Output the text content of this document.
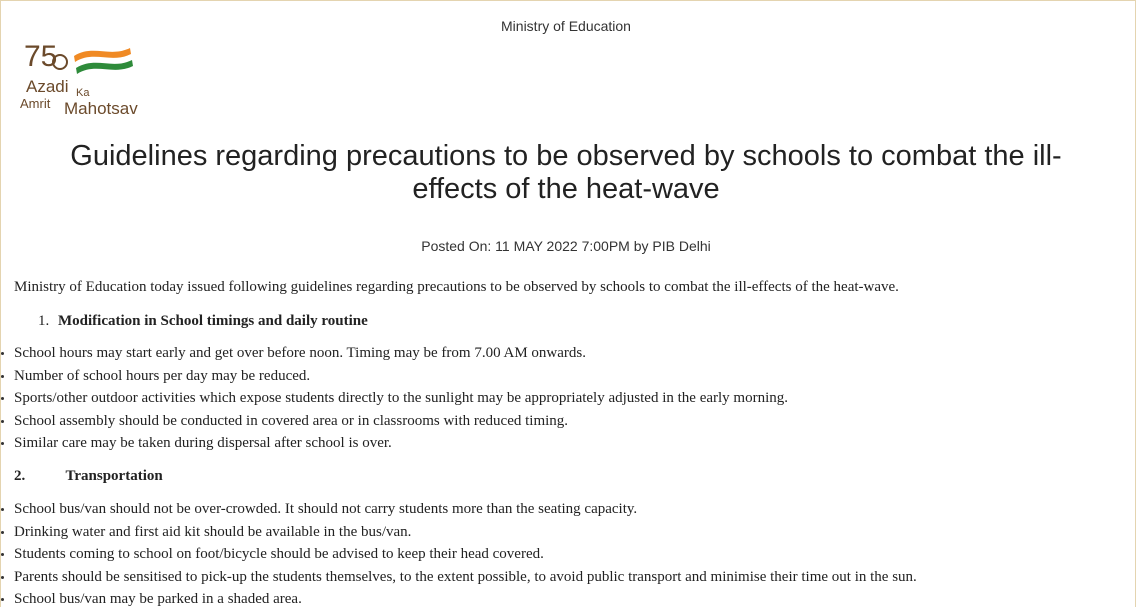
Ministry of Education
75
Azadi Ka
Amrit Mahotsav
Guidelines regarding precautions to be observed by schools to combat the ill-effects of the heat-wave
Posted On: 11 MAY 2022 7:00PM by PIB Delhi

Ministry of Education today issued following guidelines regarding precautions to be observed by schools to combat the ill-effects of the heat-wave.

1. Modification in School timings and daily routine
School hours may start early and get over before noon. Timing may be from 7.00 AM onwards.
Number of school hours per day may be reduced.
Sports/other outdoor activities which expose students directly to the sunlight may be appropriately adjusted in the early morning.
School assembly should be conducted in covered area or in classrooms with reduced timing.
Similar care may be taken during dispersal after school is over.
2.	Transportation
School bus/van should not be over-crowded. It should not carry students more than the seating capacity.
Drinking water and first aid kit should be available in the bus/van.
Students coming to school on foot/bicycle should be advised to keep their head covered.
Parents should be sensitised to pick-up the students themselves, to the extent possible, to avoid public transport and minimise their time out in the sun.
School bus/van may be parked in a shaded area.
